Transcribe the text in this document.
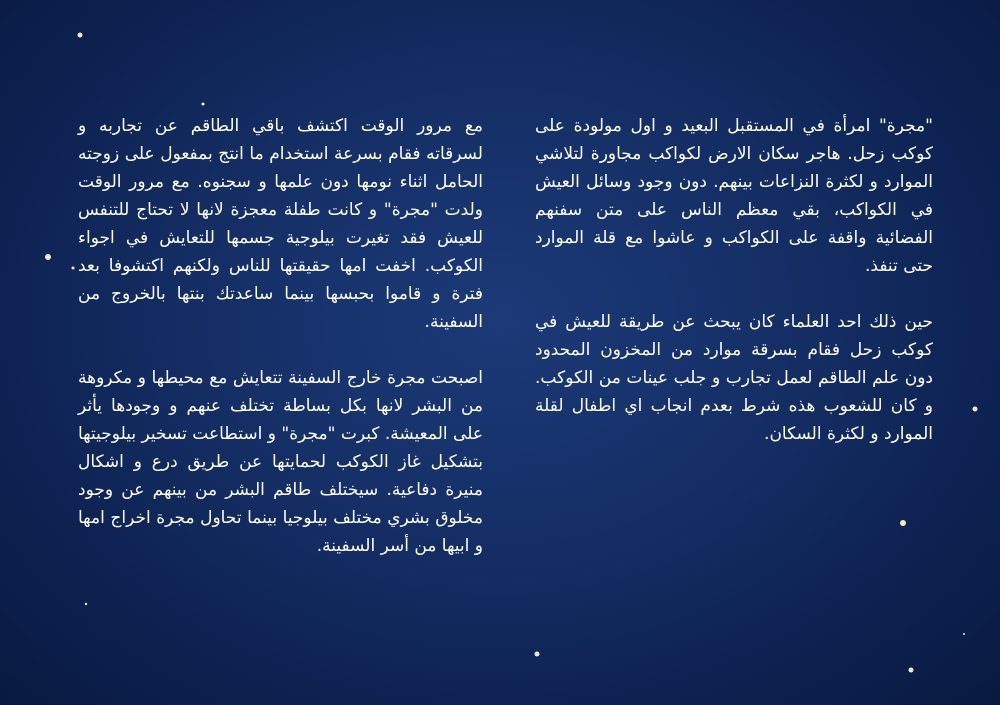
"مجرة" امرأة في المستقبل البعيد و اول مولودة على كوكب زحل. هاجر سكان الارض لكواكب مجاورة لتلاشي الموارد و لكثرة النزاعات بينهم. دون وجود وسائل العيش في الكواكب، بقي معظم الناس على متن سفنهم الفضائية واقفة على الكواكب و عاشوا مع قلة الموارد حتى تنفذ.

حين ذلك احد العلماء كان يبحث عن طريقة للعيش في كوكب زحل فقام بسرقة موارد من المخزون المحدود دون علم الطاقم لعمل تجارب و جلب عينات من الكوكب. و كان للشعوب هذه شرط بعدم انجاب اي اطفال لقلة الموارد و لكثرة السكان.

مع مرور الوقت اكتشف باقي الطاقم عن تجاربه و لسرقاته فقام بسرعة استخدام ما انتج بمفعول على زوجته الحامل اثناء نومها دون علمها و سجنوه. مع مرور الوقت ولدت "مجرة" و كانت طفلة معجزة لانها لا تحتاج للتنفس للعيش فقد تغيرت بيلوجية جسمها للتعايش في اجواء الكوكب. اخفت امها حقيقتها للناس ولكنهم اكتشوفا بعد فترة و قاموا بحبسها بينما ساعدتك بنتها بالخروج من السفينة.

اصبحت مجرة خارج السفينة تتعايش مع محيطها و مكروهة من البشر لانها بكل بساطة تختلف عنهم و وجودها يأثر على المعيشة. كبرت "مجرة" و استطاعت تسخير بيلوجيتها بتشكيل غاز الكوكب لحمايتها عن طريق درع و اشكال منيرة دفاعية. سيختلف طاقم البشر من بينهم عن وجود مخلوق بشري مختلف بيلوجيا بينما تحاول مجرة اخراج امها و ابيها من أسر السفينة.
